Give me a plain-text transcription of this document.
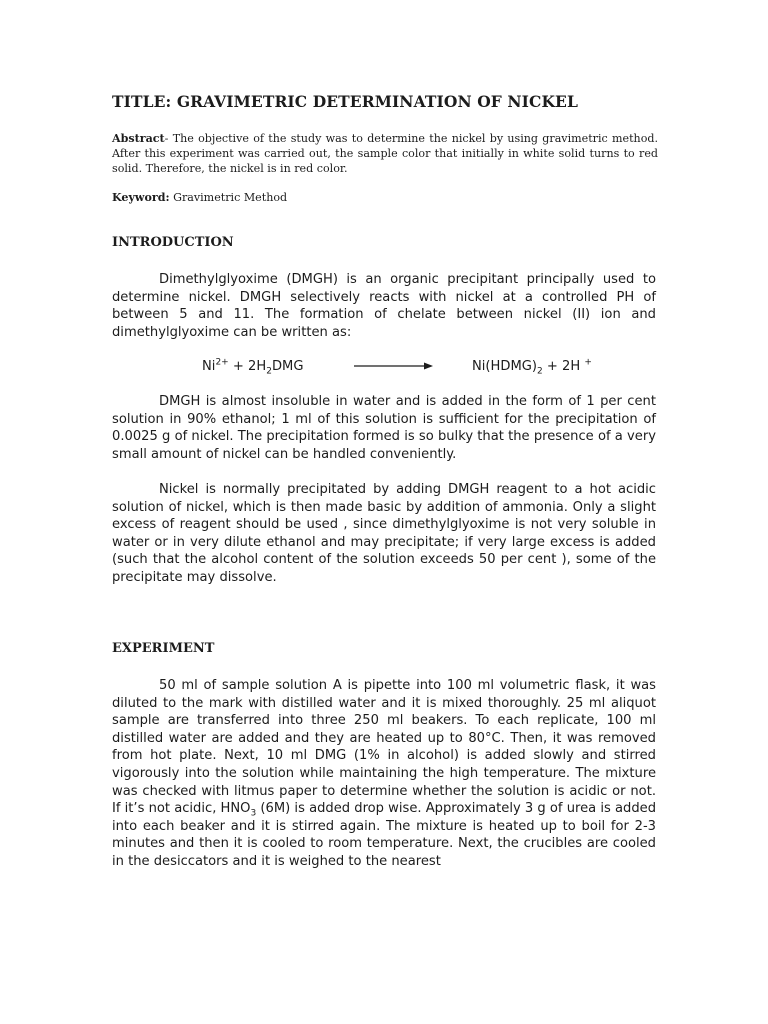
TITLE: GRAVIMETRIC DETERMINATION OF NICKEL
Abstract- The objective of the study was to determine the nickel by using gravimetric method. After this experiment was carried out, the sample color that initially in white solid turns to red solid. Therefore, the nickel is in red color.
Keyword: Gravimetric Method
INTRODUCTION
Dimethylglyoxime (DMGH) is an organic precipitant principally used to determine nickel. DMGH selectively reacts with nickel at a controlled PH of between 5 and 11. The formation of chelate between nickel (II) ion and dimethylglyoxime can be written as:
$Ni^{2+} + 2H_2DMG$	$Ni(HDMG)_2 + 2H$ +
DMGH is almost insoluble in water and is added in the form of 1 per cent solution in 90% ethanol; 1 ml of this solution is sufficient for the precipitation of 0.0025 g of nickel. The precipitation formed is so bulky that the presence of a very small amount of nickel can be handled conveniently.
Nickel is normally precipitated by adding DMGH reagent to a hot acidic solution of nickel, which is then made basic by addition of ammonia. Only a slight excess of reagent should be used , since dimethylglyoxime is not very soluble in water or in very dilute ethanol and may precipitate; if very large excess is added (such that the alcohol content of the solution exceeds 50 per cent ), some of the precipitate may dissolve.
EXPERIMENT
50 ml of sample solution A is pipette into 100 ml volumetric flask, it was diluted to the mark with distilled water and it is mixed thoroughly. 25 ml aliquot sample are transferred into three 250 ml beakers. To each replicate, 100 ml distilled water are added and they are heated up to 80°C. Then, it was removed from hot plate. Next, 10 ml DMG (1% in alcohol) is added slowly and stirred vigorously into the solution while maintaining the high temperature. The mixture was checked with litmus paper to determine whether the solution is acidic or not. If it’s not acidic, $HNO_3$ (6M) is added drop wise. Approximately 3 g of urea is added into each beaker and it is stirred again. The mixture is heated up to boil for 2-3 minutes and then it is cooled to room temperature. Next, the crucibles are cooled in the desiccators and it is weighed to the nearest
